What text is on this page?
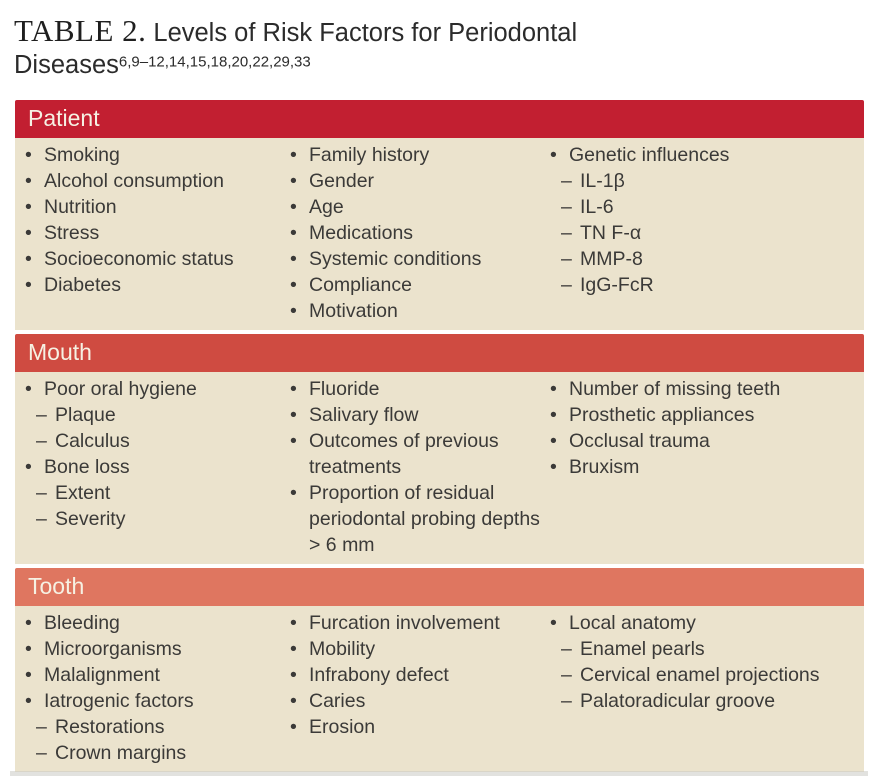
TABLE 2. Levels of Risk Factors for Periodontal Diseases$^{6,9-12,14,15,18,20,22,29,33}$
Patient
• Smoking
• Alcohol consumption
• Nutrition
• Stress
• Socioeconomic status
• Diabetes
• Family history
• Gender
• Age
• Medications
• Systemic conditions
• Compliance
• Motivation
• Genetic influences
– IL-1β
– IL-6
– TN F-α
– MMP-8
– IgG-FcR
Mouth
• Poor oral hygiene
– Plaque
– Calculus
• Bone loss
– Extent
– Severity
• Fluoride
• Salivary flow
• Outcomes of previous treatments
• Proportion of residual periodontal probing depths > 6 mm
• Number of missing teeth
• Prosthetic appliances
• Occlusal trauma
• Bruxism
Tooth
• Bleeding
• Microorganisms
• Malalignment
• Iatrogenic factors
– Restorations
– Crown margins
• Furcation involvement
• Mobility
• Infrabony defect
• Caries
• Erosion
• Local anatomy
– Enamel pearls
– Cervical enamel projections
– Palatoradicular groove
